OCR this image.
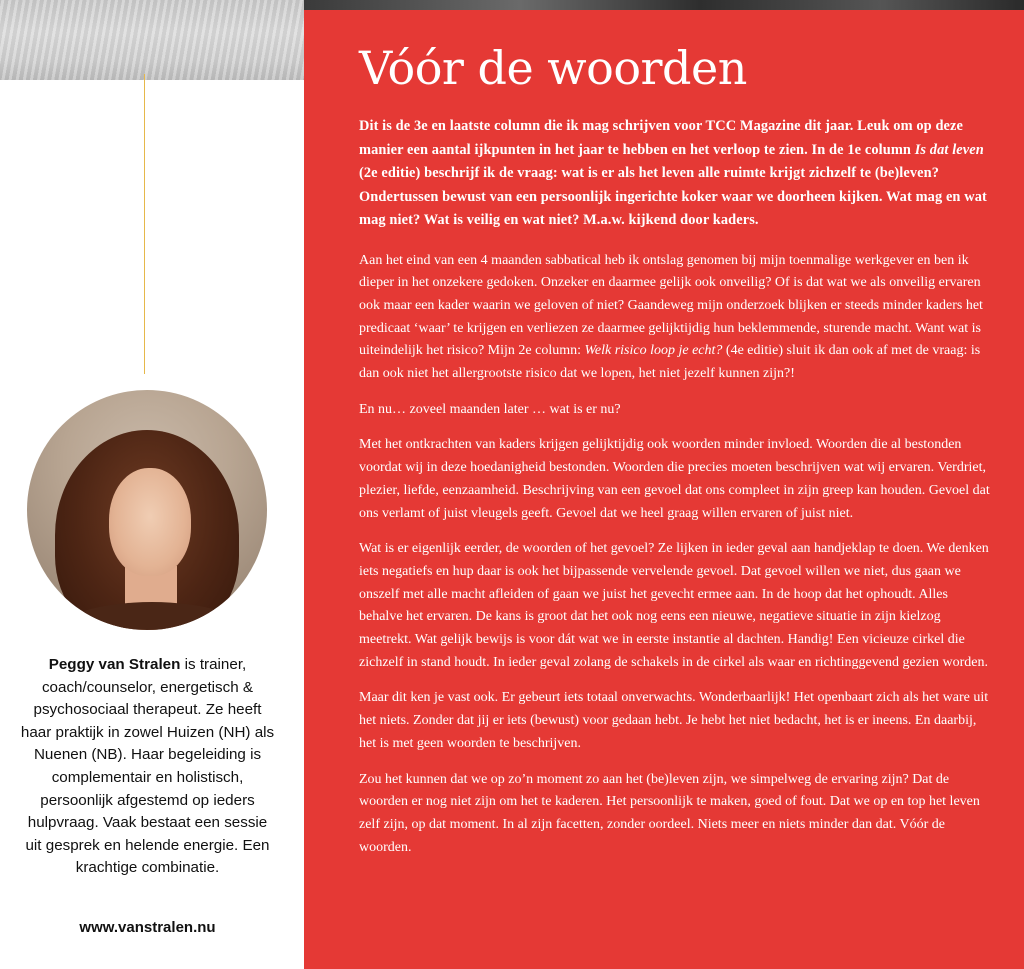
Peggy van Stralen is trainer, coach/counselor, energetisch & psychosociaal therapeut. Ze heeft haar praktijk in zowel Huizen (NH) als Nuenen (NB). Haar begeleiding is complementair en holistisch, persoonlijk afgestemd op ieders hulpvraag. Vaak bestaat een sessie uit gesprek en helende energie. Een krachtige combinatie.
www.vanstralen.nu
Vóór de woorden

Dit is de 3e en laatste column die ik mag schrijven voor TCC Magazine dit jaar. Leuk om op deze manier een aantal ijkpunten in het jaar te hebben en het verloop te zien. In de 1e column Is dat leven (2e editie) beschrijf ik de vraag: wat is er als het leven alle ruimte krijgt zichzelf te (be)leven? Ondertussen bewust van een persoonlijk ingerichte koker waar we doorheen kijken. Wat mag en wat mag niet? Wat is veilig en wat niet? M.a.w. kijkend door kaders.

Aan het eind van een 4 maanden sabbatical heb ik ontslag genomen bij mijn toenmalige werkgever en ben ik dieper in het onzekere gedoken. Onzeker en daarmee gelijk ook onveilig? Of is dat wat we als onveilig ervaren ook maar een kader waarin we geloven of niet? Gaandeweg mijn onderzoek blijken er steeds minder kaders het predicaat ‘waar’ te krijgen en verliezen ze daarmee gelijktijdig hun beklemmende, sturende macht. Want wat is uiteindelijk het risico? Mijn 2e column: Welk risico loop je echt? (4e editie) sluit ik dan ook af met de vraag: is dan ook niet het allergrootste risico dat we lopen, het niet jezelf kunnen zijn?!

En nu… zoveel maanden later … wat is er nu?

Met het ontkrachten van kaders krijgen gelijktijdig ook woorden minder invloed. Woorden die al bestonden voordat wij in deze hoedanigheid bestonden. Woorden die precies moeten beschrijven wat wij ervaren. Verdriet, plezier, liefde, eenzaamheid. Beschrijving van een gevoel dat ons compleet in zijn greep kan houden. Gevoel dat ons verlamt of juist vleugels geeft. Gevoel dat we heel graag willen ervaren of juist niet.

Wat is er eigenlijk eerder, de woorden of het gevoel? Ze lijken in ieder geval aan handjeklap te doen. We denken iets negatiefs en hup daar is ook het bijpassende vervelende gevoel. Dat gevoel willen we niet, dus gaan we onszelf met alle macht afleiden of gaan we juist het gevecht ermee aan. In de hoop dat het ophoudt. Alles behalve het ervaren. De kans is groot dat het ook nog eens een nieuwe, negatieve situatie in zijn kielzog meetrekt. Wat gelijk bewijs is voor dát wat we in eerste instantie al dachten. Handig! Een vicieuze cirkel die zichzelf in stand houdt. In ieder geval zolang de schakels in de cirkel als waar en richtinggevend gezien worden.

Maar dit ken je vast ook. Er gebeurt iets totaal onverwachts. Wonderbaarlijk! Het openbaart zich als het ware uit het niets. Zonder dat jij er iets (bewust) voor gedaan hebt. Je hebt het niet bedacht, het is er ineens. En daarbij, het is met geen woorden te beschrijven.

Zou het kunnen dat we op zo’n moment zo aan het (be)leven zijn, we simpelweg de ervaring zijn? Dat de woorden er nog niet zijn om het te kaderen. Het persoonlijk te maken, goed of fout. Dat we op en top het leven zelf zijn, op dat moment. In al zijn facetten, zonder oordeel. Niets meer en niets minder dan dat. Vóór de woorden.
